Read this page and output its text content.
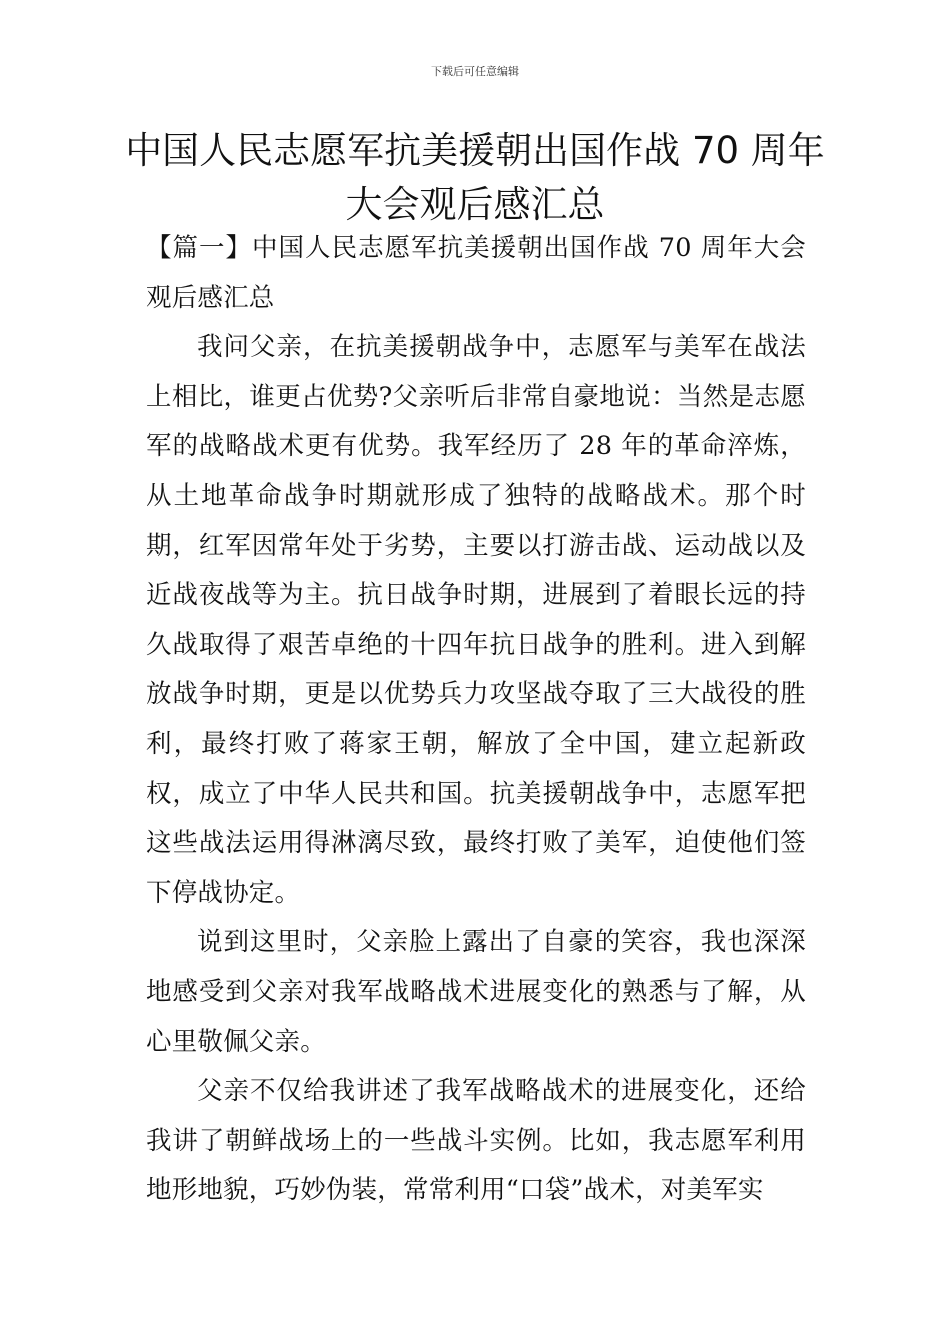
下载后可任意编辑
中国人民志愿军抗美援朝出国作战 70 周年
大会观后感汇总

【篇一】中国人民志愿军抗美援朝出国作战 70 周年大会观后感汇总

我问父亲，在抗美援朝战争中，志愿军与美军在战法上相比，谁更占优势?父亲听后非常自豪地说：当然是志愿军的战略战术更有优势。我军经历了 28 年的革命淬炼，从土地革命战争时期就形成了独特的战略战术。那个时期，红军因常年处于劣势，主要以打游击战、运动战以及近战夜战等为主。抗日战争时期，进展到了着眼长远的持久战取得了艰苦卓绝的十四年抗日战争的胜利。进入到解放战争时期，更是以优势兵力攻坚战夺取了三大战役的胜利，最终打败了蒋家王朝，解放了全中国，建立起新政权，成立了中华人民共和国。抗美援朝战争中，志愿军把这些战法运用得淋漓尽致，最终打败了美军，迫使他们签下停战协定。

说到这里时，父亲脸上露出了自豪的笑容，我也深深地感受到父亲对我军战略战术进展变化的熟悉与了解，从心里敬佩父亲。

父亲不仅给我讲述了我军战略战术的进展变化，还给我讲了朝鲜战场上的一些战斗实例。比如，我志愿军利用地形地貌，巧妙伪装，常常利用“口袋”战术，对美军实
